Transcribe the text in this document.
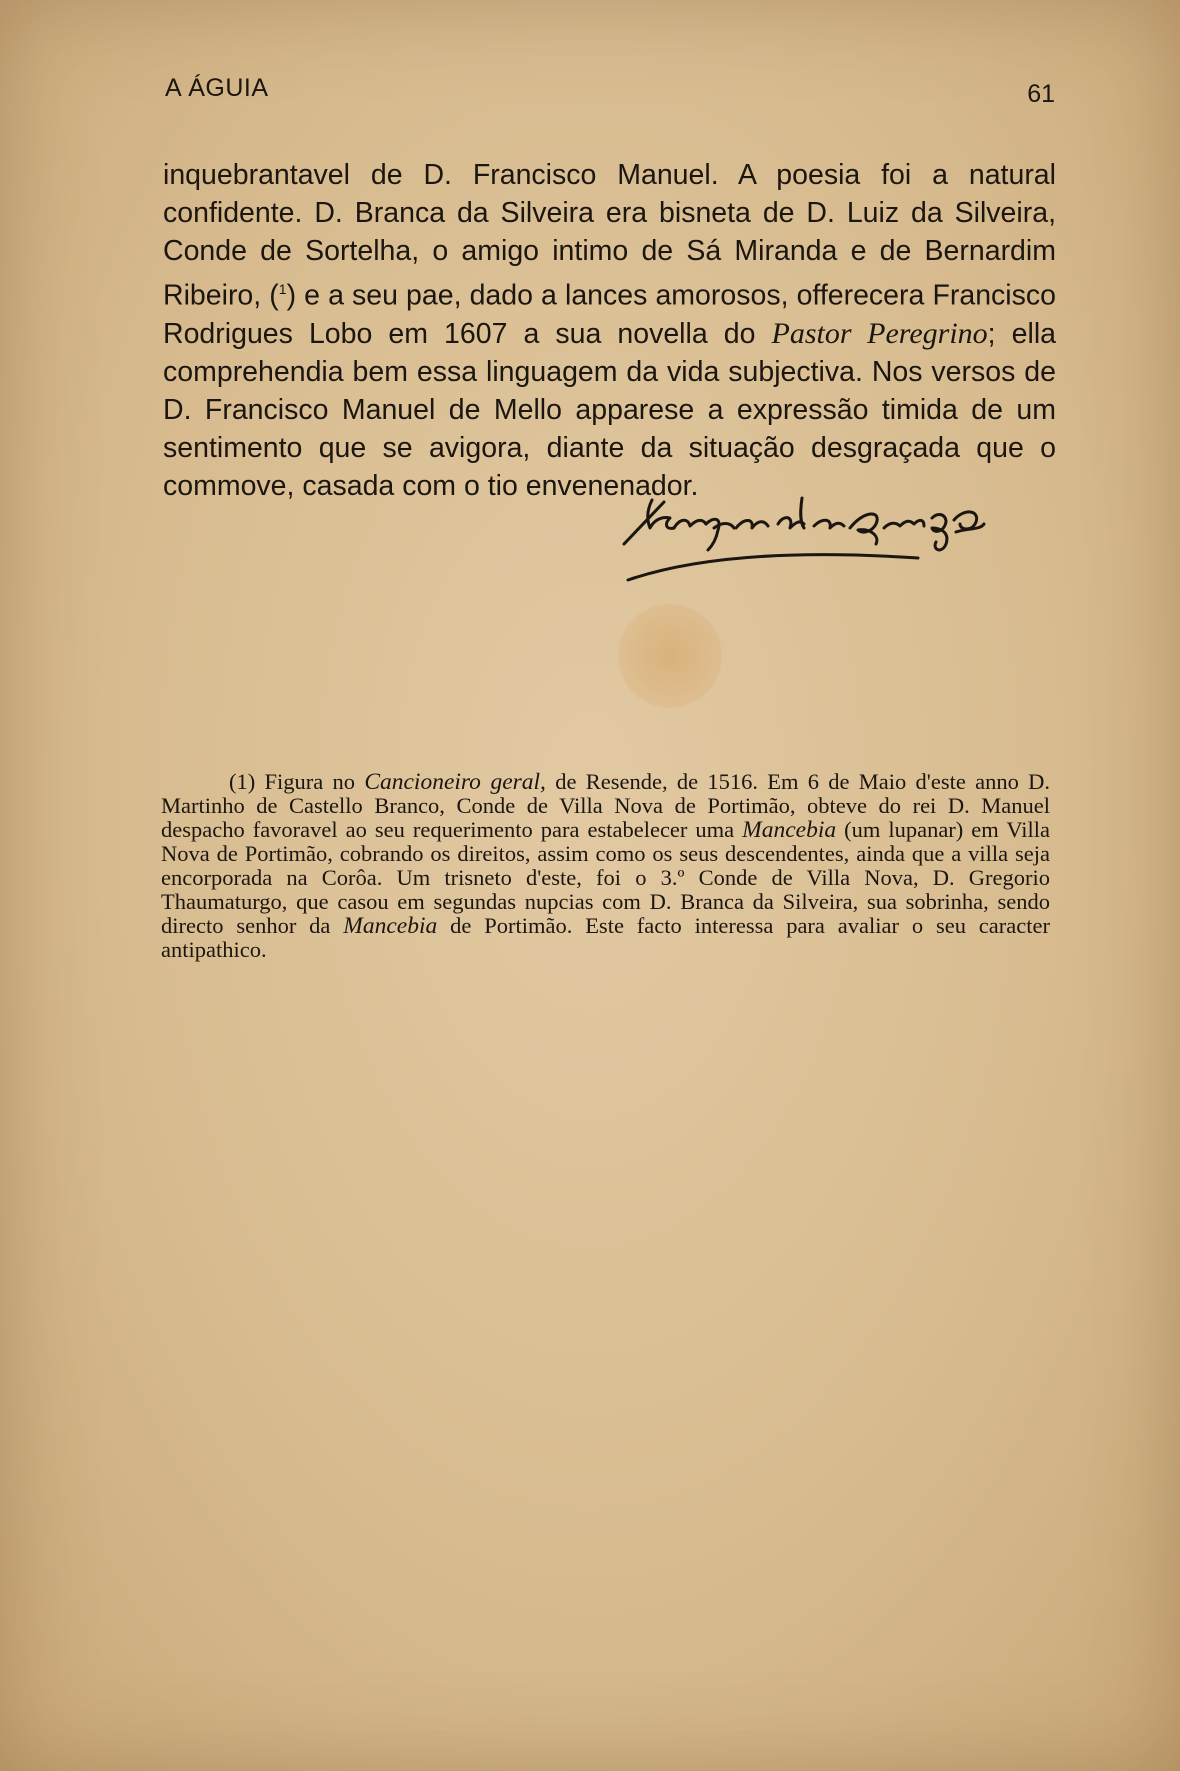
A ÁGUIA	61

inquebrantavel de D. Francisco Manuel. A poesia foi a natural confidente. D. Branca da Silveira era bisneta de D. Luiz da Silveira, Conde de Sortelha, o amigo intimo de Sá Miranda e de Bernardim Ribeiro, ($^1$) e a seu pae, dado a lances amorosos, offerecera Francisco Rodrigues Lobo em 1607 a sua novella do Pastor Peregrino; ella comprehendia bem essa linguagem da vida subjectiva. Nos versos de D. Francisco Manuel de Mello apparese a expressão timida de um sentimento que se avigora, diante da situação desgraçada que o commove, casada com o tio envenenador.

(1) Figura no Cancioneiro geral, de Resende, de 1516. Em 6 de Maio d'este anno D. Martinho de Castello Branco, Conde de Villa Nova de Portimão, obteve do rei D. Manuel despacho favoravel ao seu requerimento para estabelecer uma Mancebia (um lupanar) em Villa Nova de Portimão, cobrando os direitos, assim como os seus descendentes, ainda que a villa seja encorporada na Corôa. Um trisneto d'este, foi o 3.º Conde de Villa Nova, D. Gregorio Thaumaturgo, que casou em segundas nupcias com D. Branca da Silveira, sua sobrinha, sendo directo senhor da Mancebia de Portimão. Este facto interessa para avaliar o seu caracter antipathico.
